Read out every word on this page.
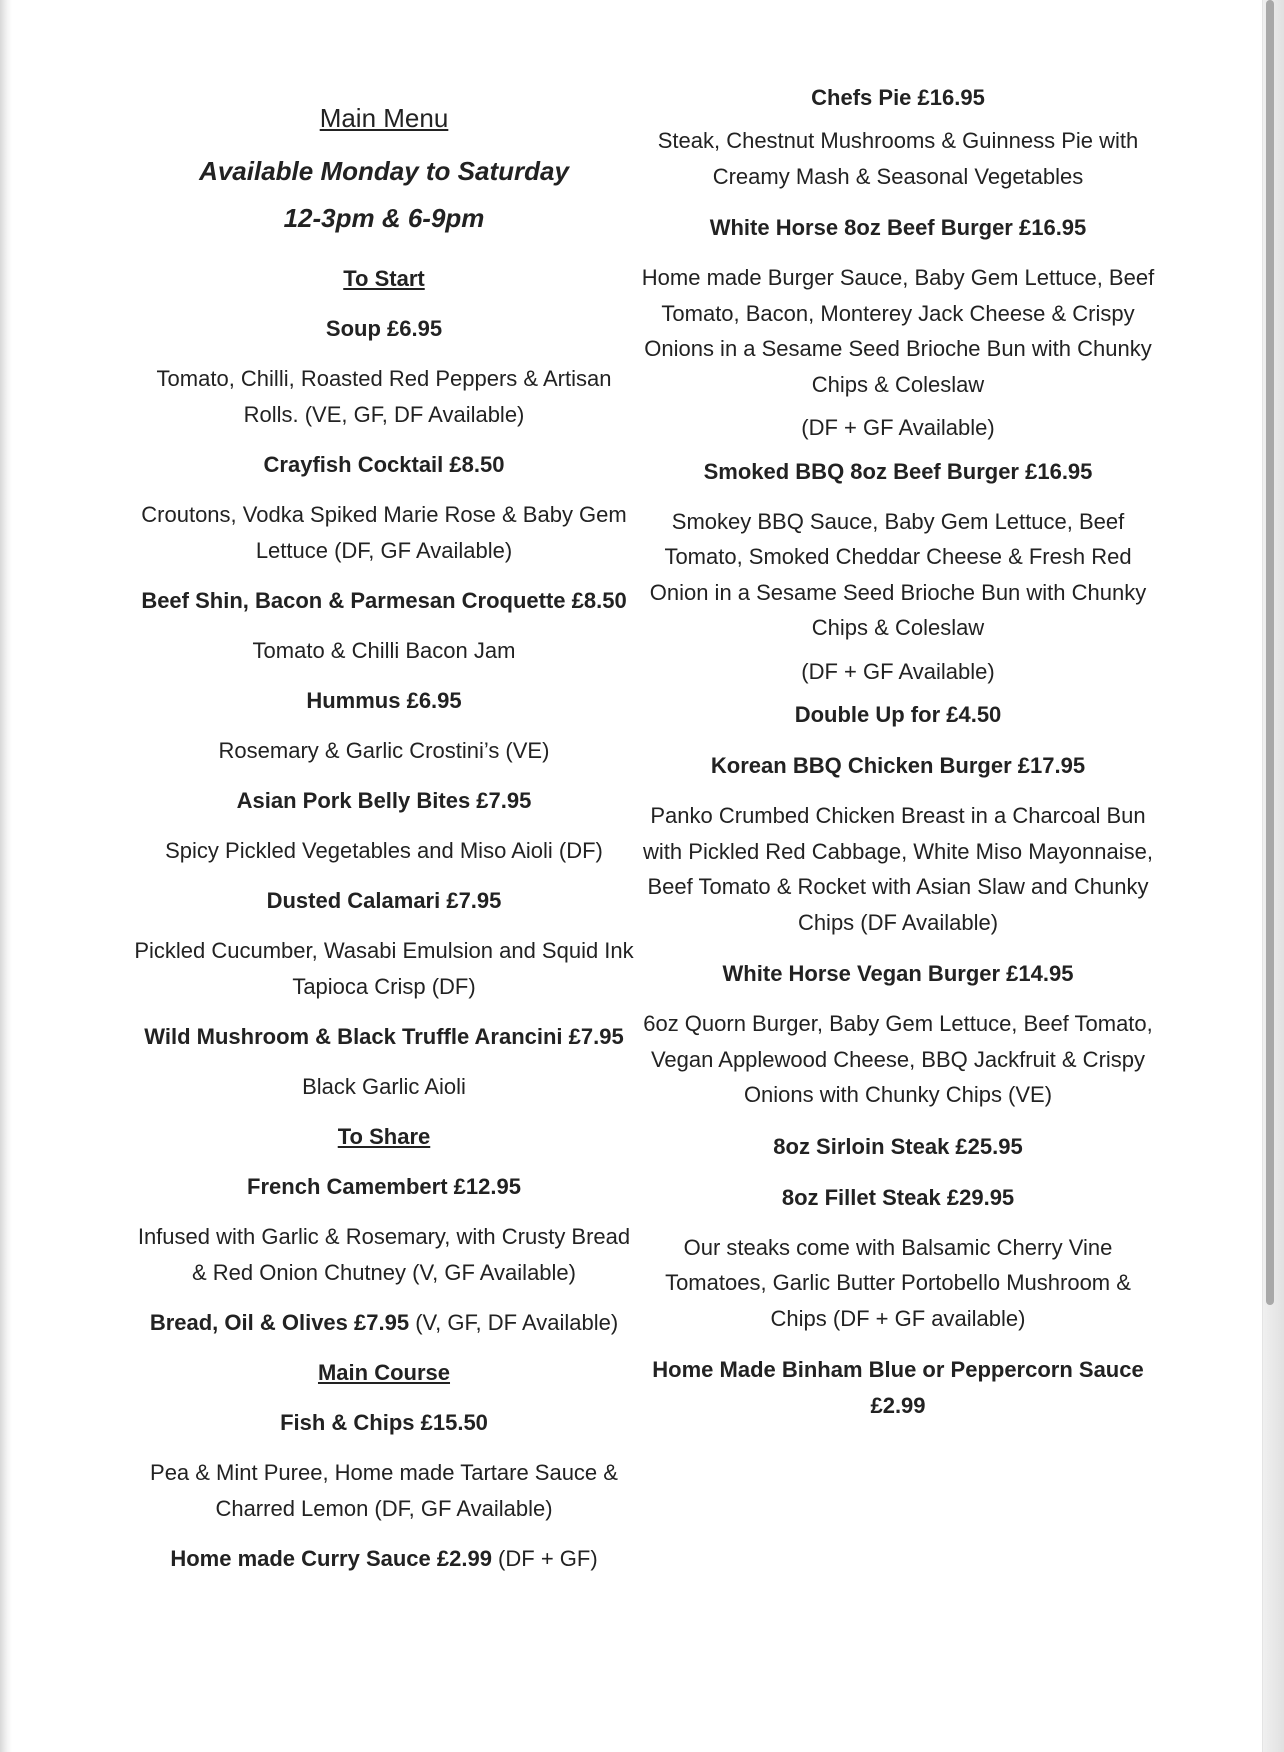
Main Menu
Available Monday to Saturday
12-3pm & 6-9pm
To Start
Soup £6.95
Tomato, Chilli, Roasted Red Peppers & Artisan Rolls. (VE, GF, DF Available)
Crayfish Cocktail £8.50
Croutons, Vodka Spiked Marie Rose & Baby Gem Lettuce (DF, GF Available)
Beef Shin, Bacon & Parmesan Croquette £8.50
Tomato & Chilli Bacon Jam
Hummus £6.95
Rosemary & Garlic Crostini’s (VE)
Asian Pork Belly Bites £7.95
Spicy Pickled Vegetables and Miso Aioli (DF)
Dusted Calamari £7.95
Pickled Cucumber, Wasabi Emulsion and Squid Ink Tapioca Crisp (DF)
Wild Mushroom & Black Truffle Arancini £7.95
Black Garlic Aioli
To Share
French Camembert £12.95
Infused with Garlic & Rosemary, with Crusty Bread & Red Onion Chutney (V, GF Available)
Bread, Oil & Olives £7.95 (V, GF, DF Available)
Main Course
Fish & Chips £15.50
Pea & Mint Puree, Home made Tartare Sauce & Charred Lemon (DF, GF Available)
Home made Curry Sauce £2.99 (DF + GF)
Chefs Pie £16.95
Steak, Chestnut Mushrooms & Guinness Pie with Creamy Mash & Seasonal Vegetables
White Horse 8oz Beef Burger £16.95
Home made Burger Sauce, Baby Gem Lettuce, Beef Tomato, Bacon, Monterey Jack Cheese & Crispy Onions in a Sesame Seed Brioche Bun with Chunky Chips & Coleslaw
(DF + GF Available)
Smoked BBQ 8oz Beef Burger £16.95
Smokey BBQ Sauce, Baby Gem Lettuce, Beef Tomato, Smoked Cheddar Cheese & Fresh Red Onion in a Sesame Seed Brioche Bun with Chunky Chips & Coleslaw
(DF + GF Available)
Double Up for £4.50
Korean BBQ Chicken Burger £17.95
Panko Crumbed Chicken Breast in a Charcoal Bun with Pickled Red Cabbage, White Miso Mayonnaise, Beef Tomato & Rocket with Asian Slaw and Chunky Chips (DF Available)
White Horse Vegan Burger £14.95
6oz Quorn Burger, Baby Gem Lettuce, Beef Tomato, Vegan Applewood Cheese, BBQ Jackfruit & Crispy Onions with Chunky Chips (VE)
8oz Sirloin Steak £25.95
8oz Fillet Steak £29.95
Our steaks come with Balsamic Cherry Vine Tomatoes, Garlic Butter Portobello Mushroom & Chips (DF + GF available)
Home Made Binham Blue or Peppercorn Sauce £2.99
